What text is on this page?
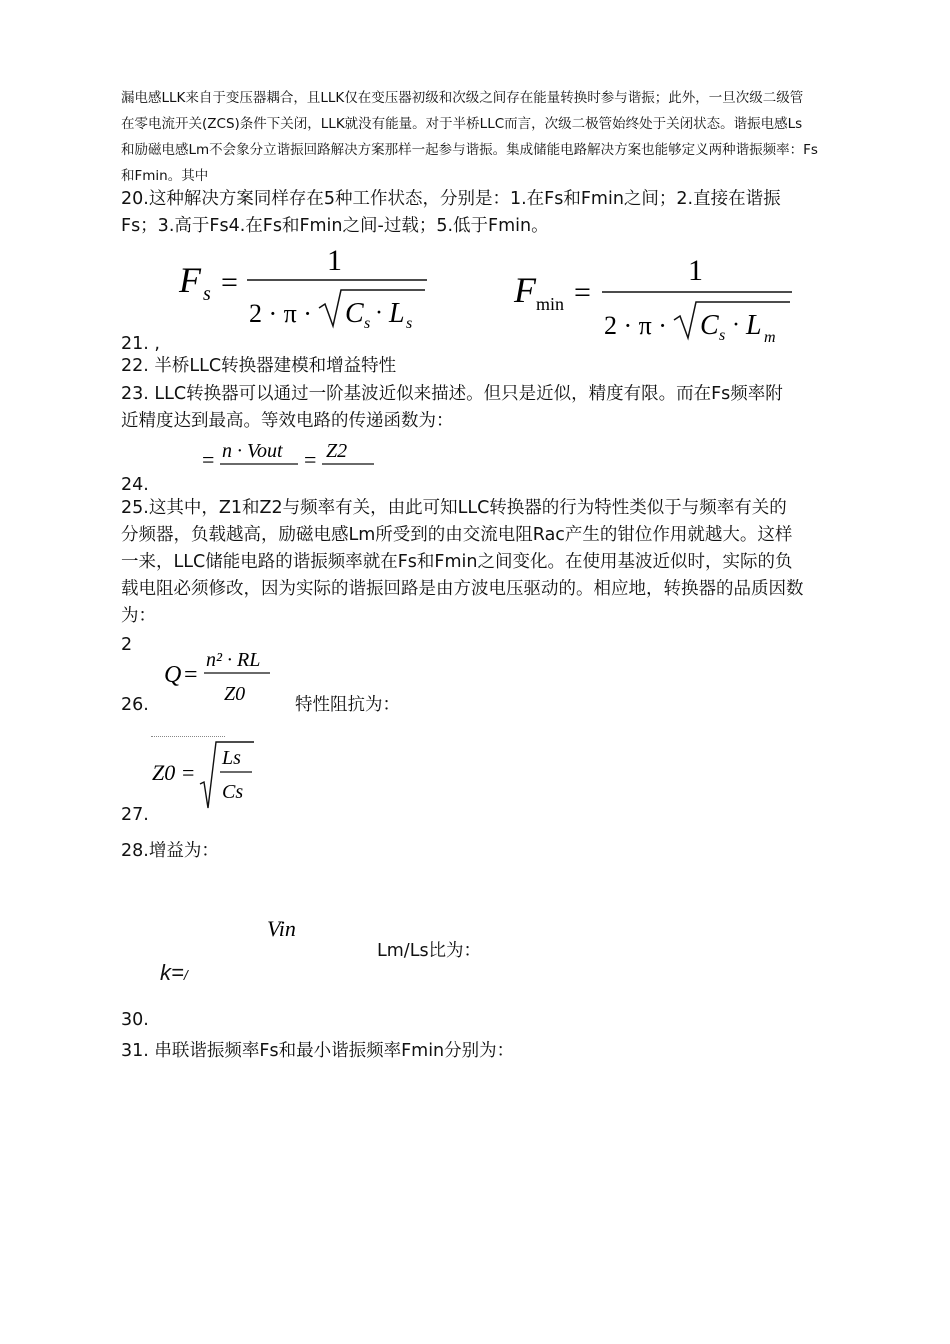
漏电感LLK来自于变压器耦合，且LLK仅在变压器初级和次级之间存在能量转换时参与谐振；此外，一旦次级二级管
在零电流开关(ZCS)条件下关闭，LLK就没有能量。对于半桥LLC而言，次级二极管始终处于关闭状态。谐振电感Ls
和励磁电感Lm不会象分立谐振回路解决方案那样一起参与谐振。集成储能电路解决方案也能够定义两种谐振频率：Fs
和Fmin。其中
20.这种解决方案同样存在5种工作状态，分别是：1.在Fs和Fmin之间；2.直接在谐振
Fs；3.高于Fs4.在Fs和Fmin之间-过载；5.低于Fmin。
F s =
1
2 · π · C s · L s
F min =
1
2 · π · C s · L m
21. ,
22. 半桥LLC转换器建模和增益特性
23. LLC转换器可以通过一阶基波近似来描述。但只是近似，精度有限。而在Fs频率附
近精度达到最高。等效电路的传递函数为：
= n · Vout = Z2
24.
25.这其中，Z1和Z2与频率有关，由此可知LLC转换器的行为特性类似于与频率有关的
分频器，负载越高，励磁电感Lm所受到的由交流电阻Rac产生的钳位作用就越大。这样
一来，LLC储能电路的谐振频率就在Fs和Fmin之间变化。在使用基波近似时，实际的负
载电阻必须修改，因为实际的谐振回路是由方波电压驱动的。相应地，转换器的品质因数
为：
2
Q =
n² · RL
Z0
26.	特性阻抗为：
Z0 =
Ls
Cs
27.
28.增益为：
Vin
Lm/Ls比为：
k=/
30.
31. 串联谐振频率Fs和最小谐振频率Fmin分别为：
